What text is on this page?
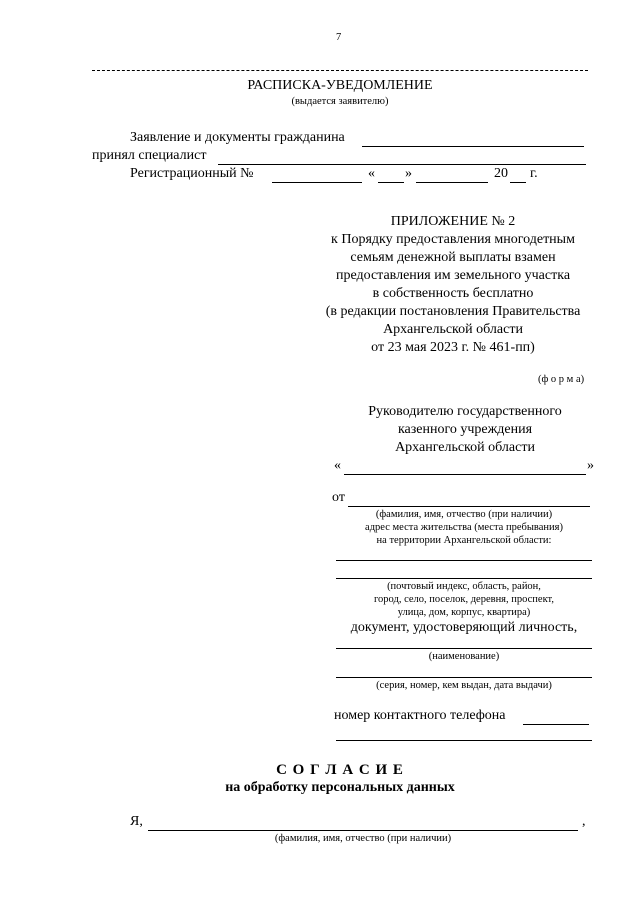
7
РАСПИСКА-УВЕДОМЛЕНИЕ
(выдается заявителю)
Заявление и документы гражданина
принял специалист
Регистрационный №	« »	20 г.
ПРИЛОЖЕНИЕ № 2
к Порядку предоставления многодетным
семьям денежной выплаты взамен
предоставления им земельного участка
в собственность бесплатно
(в редакции постановления Правительства
Архангельской области
от 23 мая 2023 г. № 461-пп)
(ф о р м а)
Руководителю государственного
казенного учреждения
Архангельской области
«	»
от
(фамилия, имя, отчество (при наличии)
адрес места жительства (места пребывания)
на территории Архангельской области:
(почтовый индекс, область, район,
город, село, поселок, деревня, проспект,
улица, дом, корпус, квартира)
документ, удостоверяющий личность,
(наименование)
(серия, номер, кем выдан, дата выдачи)
номер контактного телефона
С О Г Л А С И Е
на обработку персональных данных
Я,	,
(фамилия, имя, отчество (при наличии)
